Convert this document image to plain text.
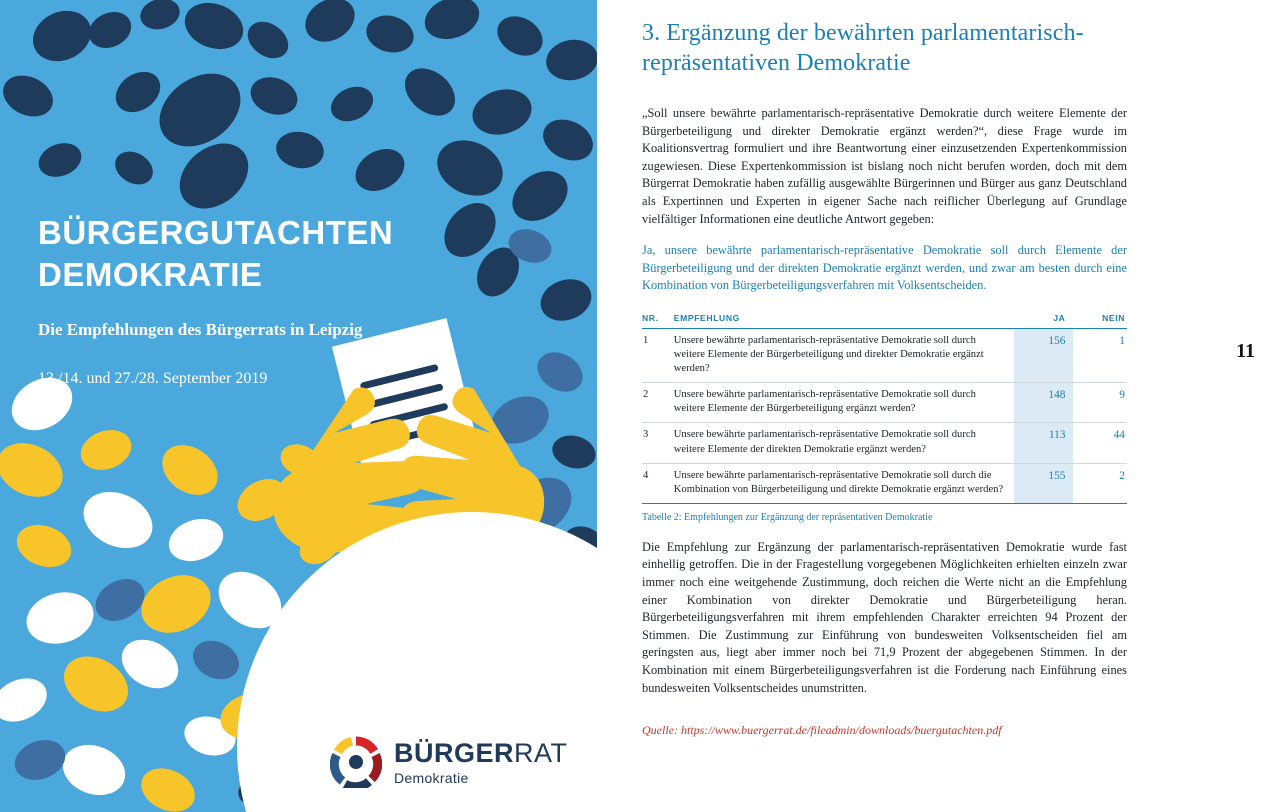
BÜRGERGUTACHTEN DEMOKRATIE

Die Empfehlungen des Bürgerrats in Leipzig

13./14. und 27./28. September 2019

BÜRGERRAT
Demokratie
11
3. Ergänzung der bewährten parlamentarisch-repräsentativen Demokratie

„Soll unsere bewährte parlamentarisch-repräsentative Demokratie durch weitere Elemente der Bürgerbeteiligung und direkter Demokratie ergänzt werden?“, diese Frage wurde im Koalitionsvertrag formuliert und ihre Beantwortung einer einzusetzenden Expertenkommission zugewiesen. Diese Expertenkommission ist bislang noch nicht berufen worden, doch mit dem Bürgerrat Demokratie haben zufällig ausgewählte Bürgerinnen und Bürger aus ganz Deutschland als Expertinnen und Experten in eigener Sache nach reiflicher Überlegung auf Grundlage vielfältiger Informationen eine deutliche Antwort gegeben:

Ja, unsere bewährte parlamentarisch-repräsentative Demokratie soll durch Elemente der Bürgerbeteiligung und der direkten Demokratie ergänzt werden, und zwar am besten durch eine Kombination von Bürgerbeteiligungsverfahren mit Volksentscheiden.

NR.	EMPFEHLUNG	JA	NEIN
1	Unsere bewährte parlamentarisch-repräsentative Demokratie soll durch weitere Elemente der Bürgerbeteiligung und direkter Demokratie ergänzt werden?	156	1
2	Unsere bewährte parlamentarisch-repräsentative Demokratie soll durch weitere Elemente der Bürgerbeteiligung ergänzt werden?	148	9
3	Unsere bewährte parlamentarisch-repräsentative Demokratie soll durch weitere Elemente der direkten Demokratie ergänzt werden?	113	44
4	Unsere bewährte parlamentarisch-repräsentative Demokratie soll durch die Kombination von Bürgerbeteiligung und direkte Demokratie ergänzt werden?	155	2
Tabelle 2: Empfehlungen zur Ergänzung der repräsentativen Demokratie

Die Empfehlung zur Ergänzung der parlamentarisch-repräsentativen Demokratie wurde fast einhellig getroffen. Die in der Fragestellung vorgegebenen Möglichkeiten erhielten einzeln zwar immer noch eine weitgehende Zustimmung, doch reichen die Werte nicht an die Empfehlung einer Kombination von direkter Demokratie und Bürgerbeteiligung heran. Bürgerbeteiligungsverfahren mit ihrem empfehlenden Charakter erreichten 94 Prozent der Stimmen. Die Zustimmung zur Einführung von bundesweiten Volksentscheiden fiel am geringsten aus, liegt aber immer noch bei 71,9 Prozent der abgegebenen Stimmen. In der Kombination mit einem Bürgerbeteiligungsverfahren ist die Forderung nach Einführung eines bundesweiten Volksentscheides unumstritten.

Quelle: https://www.buergerrat.de/fileadmin/downloads/buergutachten.pdf
